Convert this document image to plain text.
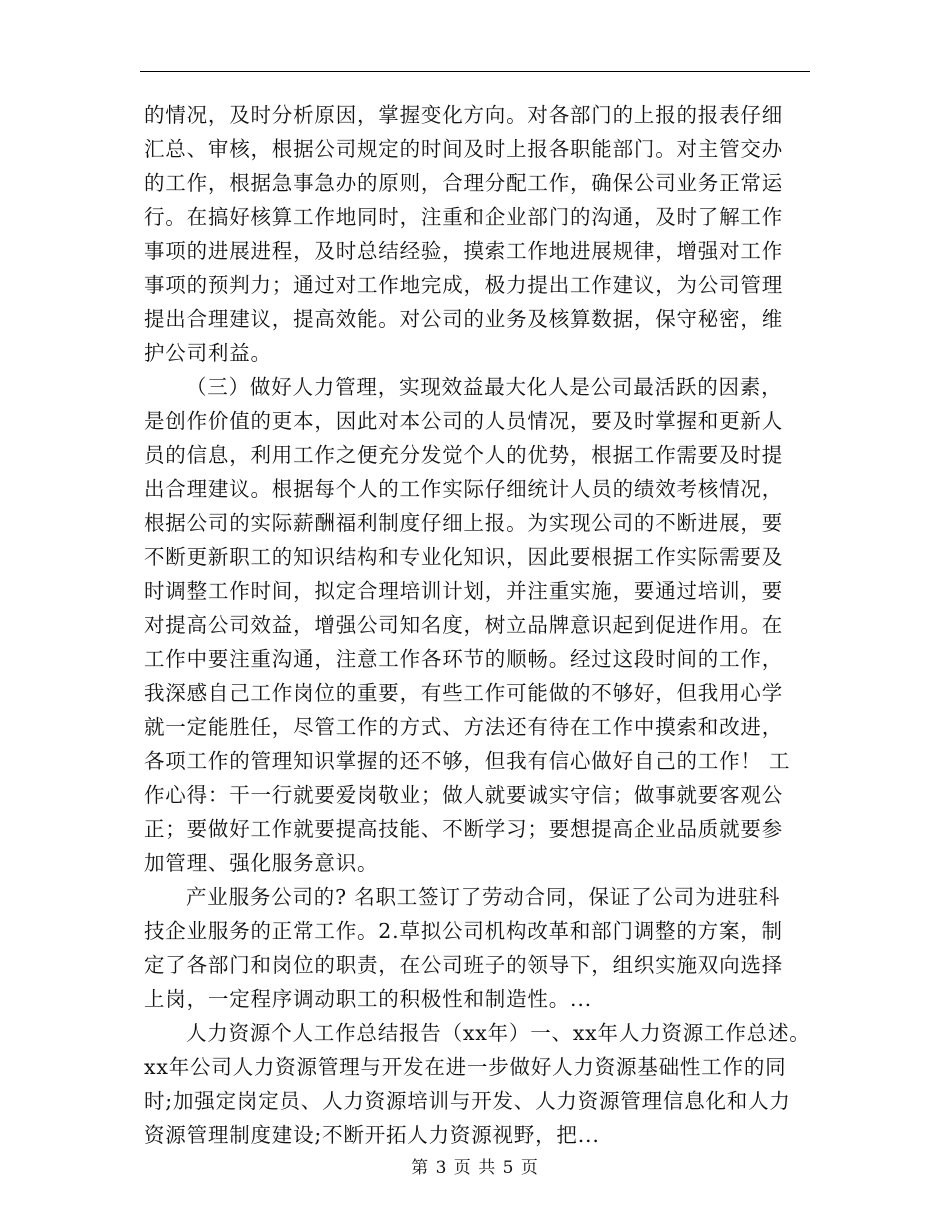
的情况，及时分析原因，掌握变化方向。对各部门的上报的报表仔细
汇总、审核，根据公司规定的时间及时上报各职能部门。对主管交办
的工作，根据急事急办的原则，合理分配工作，确保公司业务正常运
行。在搞好核算工作地同时，注重和企业部门的沟通，及时了解工作
事项的进展进程，及时总结经验，摸索工作地进展规律，增强对工作
事项的预判力；通过对工作地完成，极力提出工作建议，为公司管理
提出合理建议，提高效能。对公司的业务及核算数据，保守秘密，维
护公司利益。
（三）做好人力管理，实现效益最大化人是公司最活跃的因素，
是创作价值的更本，因此对本公司的人员情况，要及时掌握和更新人
员的信息，利用工作之便充分发觉个人的优势，根据工作需要及时提
出合理建议。根据每个人的工作实际仔细统计人员的绩效考核情况，
根据公司的实际薪酬福利制度仔细上报。为实现公司的不断进展，要
不断更新职工的知识结构和专业化知识，因此要根据工作实际需要及
时调整工作时间，拟定合理培训计划，并注重实施，要通过培训，要
对提高公司效益，增强公司知名度，树立品牌意识起到促进作用。在
工作中要注重沟通，注意工作各环节的顺畅。经过这段时间的工作，
我深感自己工作岗位的重要，有些工作可能做的不够好，但我用心学
就一定能胜任，尽管工作的方式、方法还有待在工作中摸索和改进，
各项工作的管理知识掌握的还不够，但我有信心做好自己的工作！ 工
作心得：干一行就要爱岗敬业；做人就要诚实守信；做事就要客观公
正；要做好工作就要提高技能、不断学习；要想提高企业品质就要参
加管理、强化服务意识。
产业服务公司的? 名职工签订了劳动合同，保证了公司为进驻科
技企业服务的正常工作。2.草拟公司机构改革和部门调整的方案，制
定了各部门和岗位的职责，在公司班子的领导下，组织实施双向选择
上岗，一定程序调动职工的积极性和制造性。...
人力资源个人工作总结报告（xx年）一、xx年人力资源工作总述。
xx年公司人力资源管理与开发在进一步做好人力资源基础性工作的同
时;加强定岗定员、人力资源培训与开发、人力资源管理信息化和人力
资源管理制度建设;不断开拓人力资源视野，把...
第 3 页 共 5 页
